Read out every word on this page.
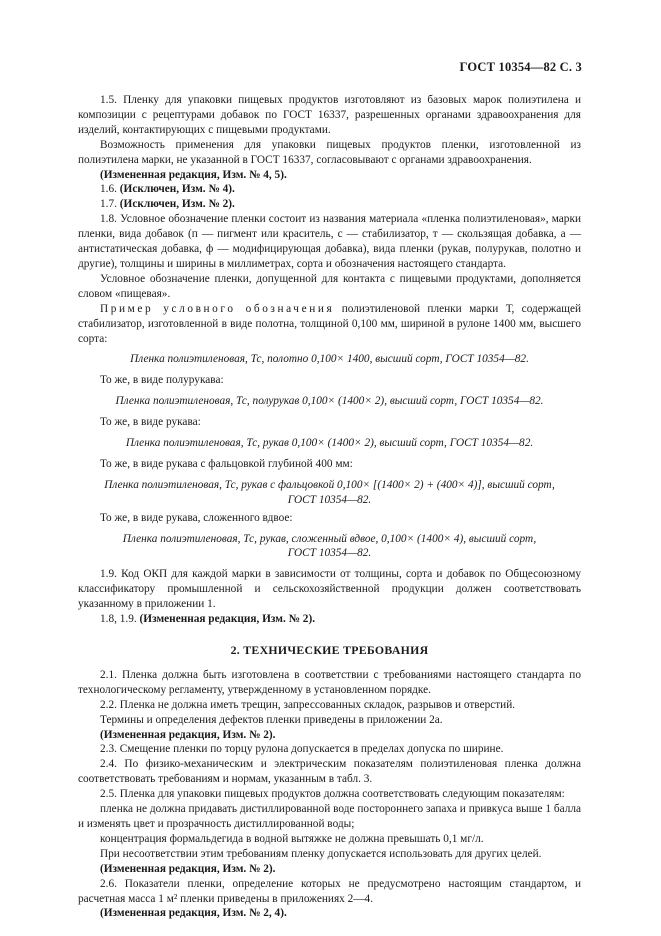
ГОСТ 10354—82 С. 3

1.5. Пленку для упаковки пищевых продуктов изготовляют из базовых марок полиэтилена и композиции с рецептурами добавок по ГОСТ 16337, разрешенных органами здравоохранения для изделий, контактирующих с пищевыми продуктами.

Возможность применения для упаковки пищевых продуктов пленки, изготовленной из полиэтилена марки, не указанной в ГОСТ 16337, согласовывают с органами здравоохранения.

(Измененная редакция, Изм. № 4, 5).

1.6. (Исключен, Изм. № 4).

1.7. (Исключен, Изм. № 2).

1.8. Условное обозначение пленки состоит из названия материала «пленка полиэтиленовая», марки пленки, вида добавок (п — пигмент или краситель, с — стабилизатор, т — скользящая добавка, а — антистатическая добавка, ф — модифицирующая добавка), вида пленки (рукав, полурукав, полотно и другие), толщины и ширины в миллиметрах, сорта и обозначения настоящего стандарта.

Условное обозначение пленки, допущенной для контакта с пищевыми продуктами, дополняется словом «пищевая».

Пример условного обозначения полиэтиленовой пленки марки Т, содержащей стабилизатор, изготовленной в виде полотна, толщиной 0,100 мм, шириной в рулоне 1400 мм, высшего сорта:

Пленка полиэтиленовая, Тс, полотно 0,100× 1400, высший сорт, ГОСТ 10354—82.

То же, в виде полурукава:

Пленка полиэтиленовая, Тс, полурукав 0,100× (1400× 2), высший сорт, ГОСТ 10354—82.

То же, в виде рукава:

Пленка полиэтиленовая, Тс, рукав 0,100× (1400× 2), высший сорт, ГОСТ 10354—82.

То же, в виде рукава с фальцовкой глубиной 400 мм:

Пленка полиэтиленовая, Тс, рукав с фальцовкой 0,100× [(1400× 2) + (400× 4)], высший сорт,
ГОСТ 10354—82.

То же, в виде рукава, сложенного вдвое:

Пленка полиэтиленовая, Тс, рукав, сложенный вдвое, 0,100× (1400× 4), высший сорт,
ГОСТ 10354—82.

1.9. Код ОКП для каждой марки в зависимости от толщины, сорта и добавок по Общесоюзному классификатору промышленной и сельскохозяйственной продукции должен соответствовать указанному в приложении 1.

1.8, 1.9. (Измененная редакция, Изм. № 2).

2. ТЕХНИЧЕСКИЕ ТРЕБОВАНИЯ

2.1. Пленка должна быть изготовлена в соответствии с требованиями настоящего стандарта по технологическому регламенту, утвержденному в установленном порядке.

2.2. Пленка не должна иметь трещин, запрессованных складок, разрывов и отверстий.

Термины и определения дефектов пленки приведены в приложении 2а.

(Измененная редакция, Изм. № 2).

2.3. Смещение пленки по торцу рулона допускается в пределах допуска по ширине.

2.4. По физико-механическим и электрическим показателям полиэтиленовая пленка должна соответствовать требованиям и нормам, указанным в табл. 3.

2.5. Пленка для упаковки пищевых продуктов должна соответствовать следующим показателям:

пленка не должна придавать дистиллированной воде постороннего запаха и привкуса выше 1 балла и изменять цвет и прозрачность дистиллированной воды;

концентрация формальдегида в водной вытяжке не должна превышать 0,1 мг/л.

При несоответствии этим требованиям пленку допускается использовать для других целей.

(Измененная редакция, Изм. № 2).

2.6. Показатели пленки, определение которых не предусмотрено настоящим стандартом, и расчетная масса 1 м² пленки приведены в приложениях 2—4.

(Измененная редакция, Изм. № 2, 4).
